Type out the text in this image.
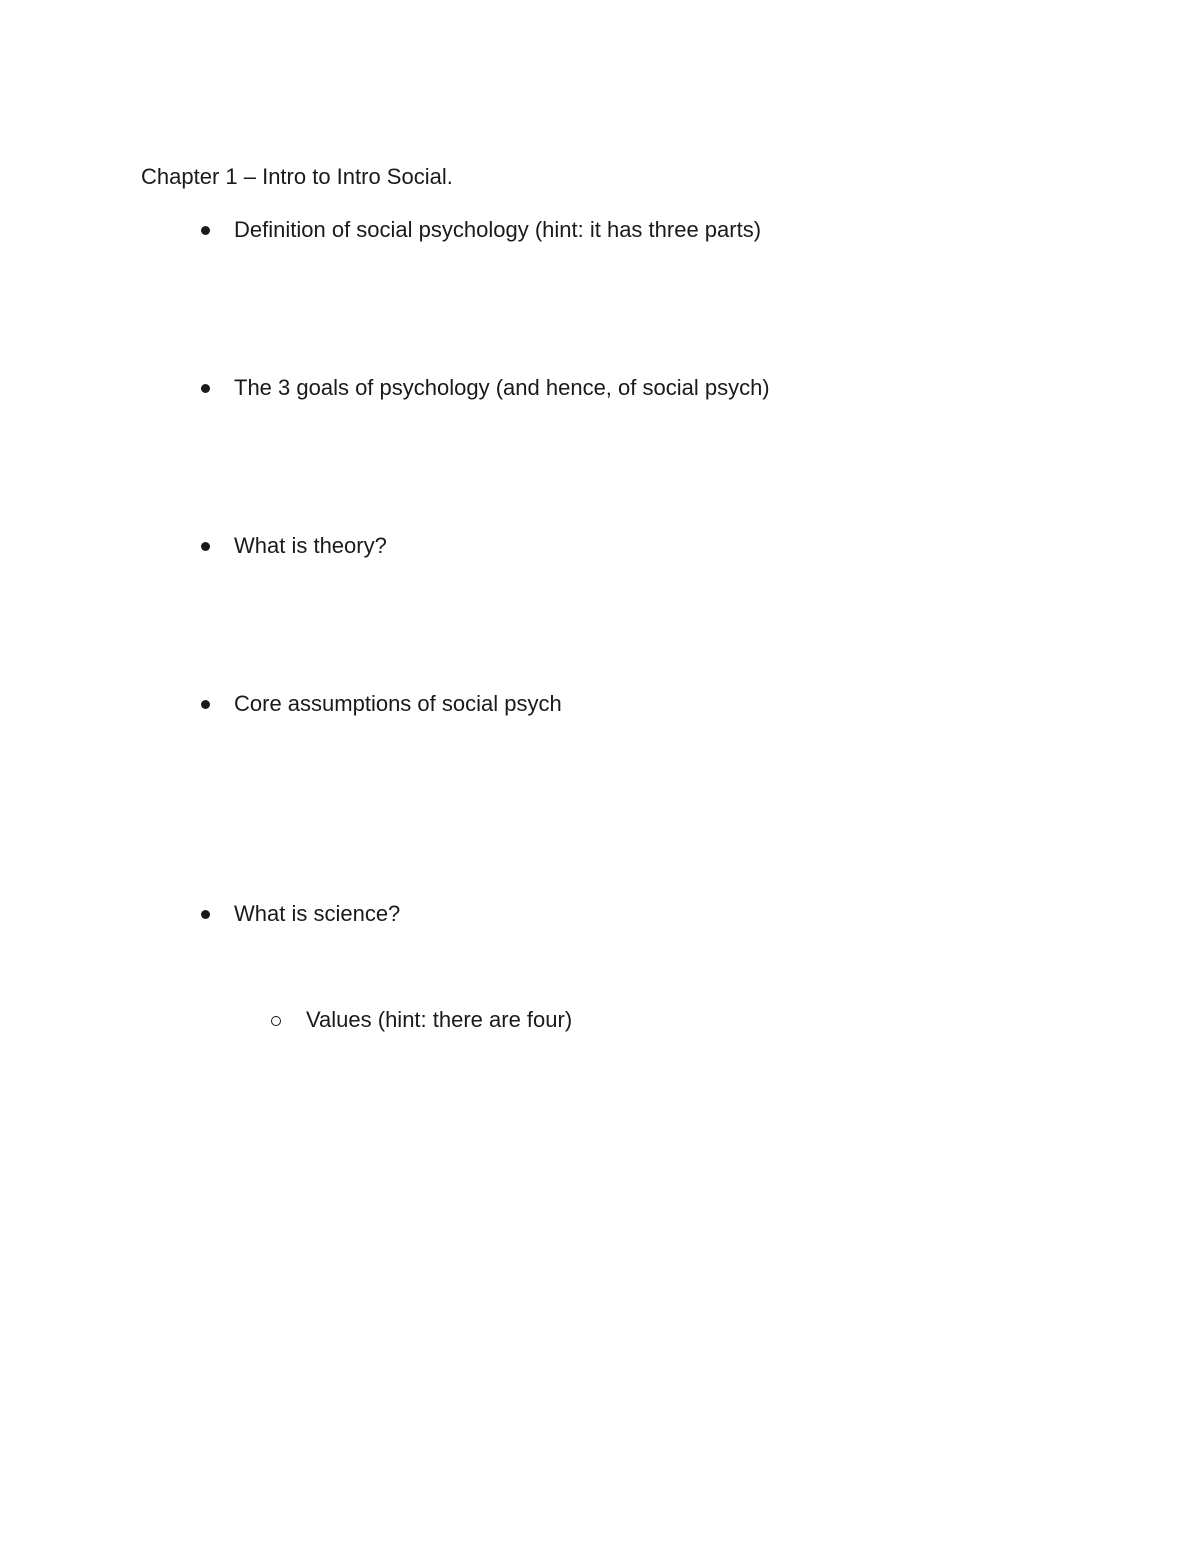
Chapter 1 – Intro to Intro Social.
Definition of social psychology (hint: it has three parts)
The 3 goals of psychology (and hence, of social psych)
What is theory?
Core assumptions of social psych
What is science?
Values (hint: there are four)
